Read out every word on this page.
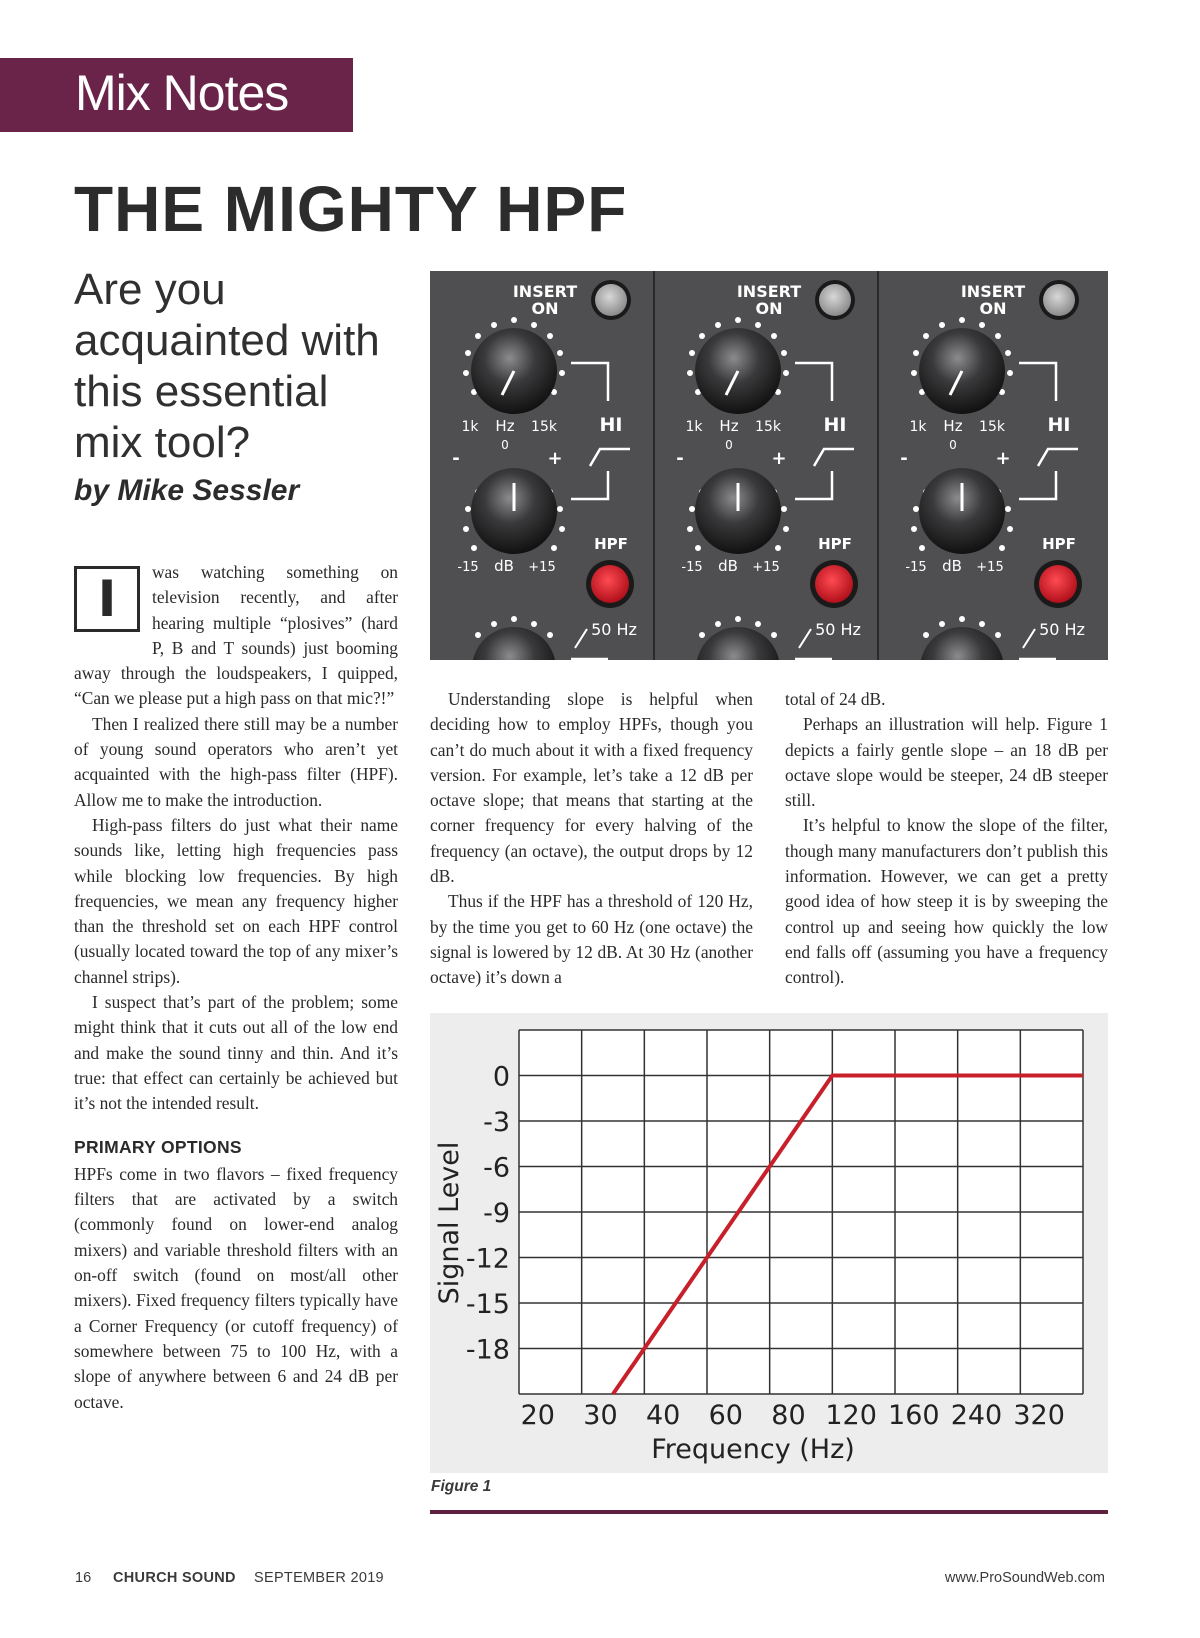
Mix Notes
THE MIGHTY HPF

Are you acquainted with this essential mix tool?

by Mike Sessler

I	was watching something on television recently, and after hearing multiple “plosives” (hard P, B and T sounds) just booming away through the loudspeakers, I quipped, “Can we please put a high pass on that mic?!”

Then I realized there still may be a number of young sound operators who aren’t yet acquainted with the high-pass filter (HPF). Allow me to make the introduction.

High-pass filters do just what their name sounds like, letting high frequencies pass while blocking low frequencies. By high frequencies, we mean any frequency higher than the threshold set on each HPF control (usually located toward the top of any mixer’s channel strips).

I suspect that’s part of the problem; some might think that it cuts out all of the low end and make the sound tinny and thin. And it’s true: that effect can certainly be achieved but it’s not the intended result.

PRIMARY OPTIONS

HPFs come in two flavors – fixed frequency filters that are activated by a switch (commonly found on lower-end analog mixers) and variable threshold filters with an on-off switch (found on most/all other mixers). Fixed frequency filters typically have a Corner Frequency (or cutoff frequency) of somewhere between 75 to 100 Hz, with a slope of anywhere between 6 and 24 dB per octave.

Understanding slope is helpful when deciding how to employ HPFs, though you can’t do much about it with a fixed frequency version. For example, let’s take a 12 dB per octave slope; that means that starting at the corner frequency for every halving of the frequency (an octave), the output drops by 12 dB.

Thus if the HPF has a threshold of 120 Hz, by the time you get to 60 Hz (one octave) the signal is lowered by 12 dB. At 30 Hz (another octave) it’s down a

total of 24 dB.

Perhaps an illustration will help. Figure 1 depicts a fairly gentle slope – an 18 dB per octave slope would be steeper, 24 dB steeper still.

It’s helpful to know the slope of the filter, though many manufacturers don’t publish this information. However, we can get a pretty good idea of how steep it is by sweeping the control up and seeing how quickly the low end falls off (assuming you have a frequency control).

INSERT
ON
1k Hz 15k
0
-	+
HI
HPF
-15 dB +15
50 Hz
INSERT
ON
1k Hz 15k
0
-	+
HI
HPF
-15 dB +15
50 Hz
INSERT
ON
1k Hz 15k
0
-	+
HI
HPF
-15 dB +15
50 Hz
0
-3
-6
-9
-12
-15
-18
20 30 40 60 80 120 160 240 320
Frequency (Hz)
Signal Level
Figure 1
16 CHURCH SOUND SEPTEMBER 2019	www.ProSoundWeb.com
